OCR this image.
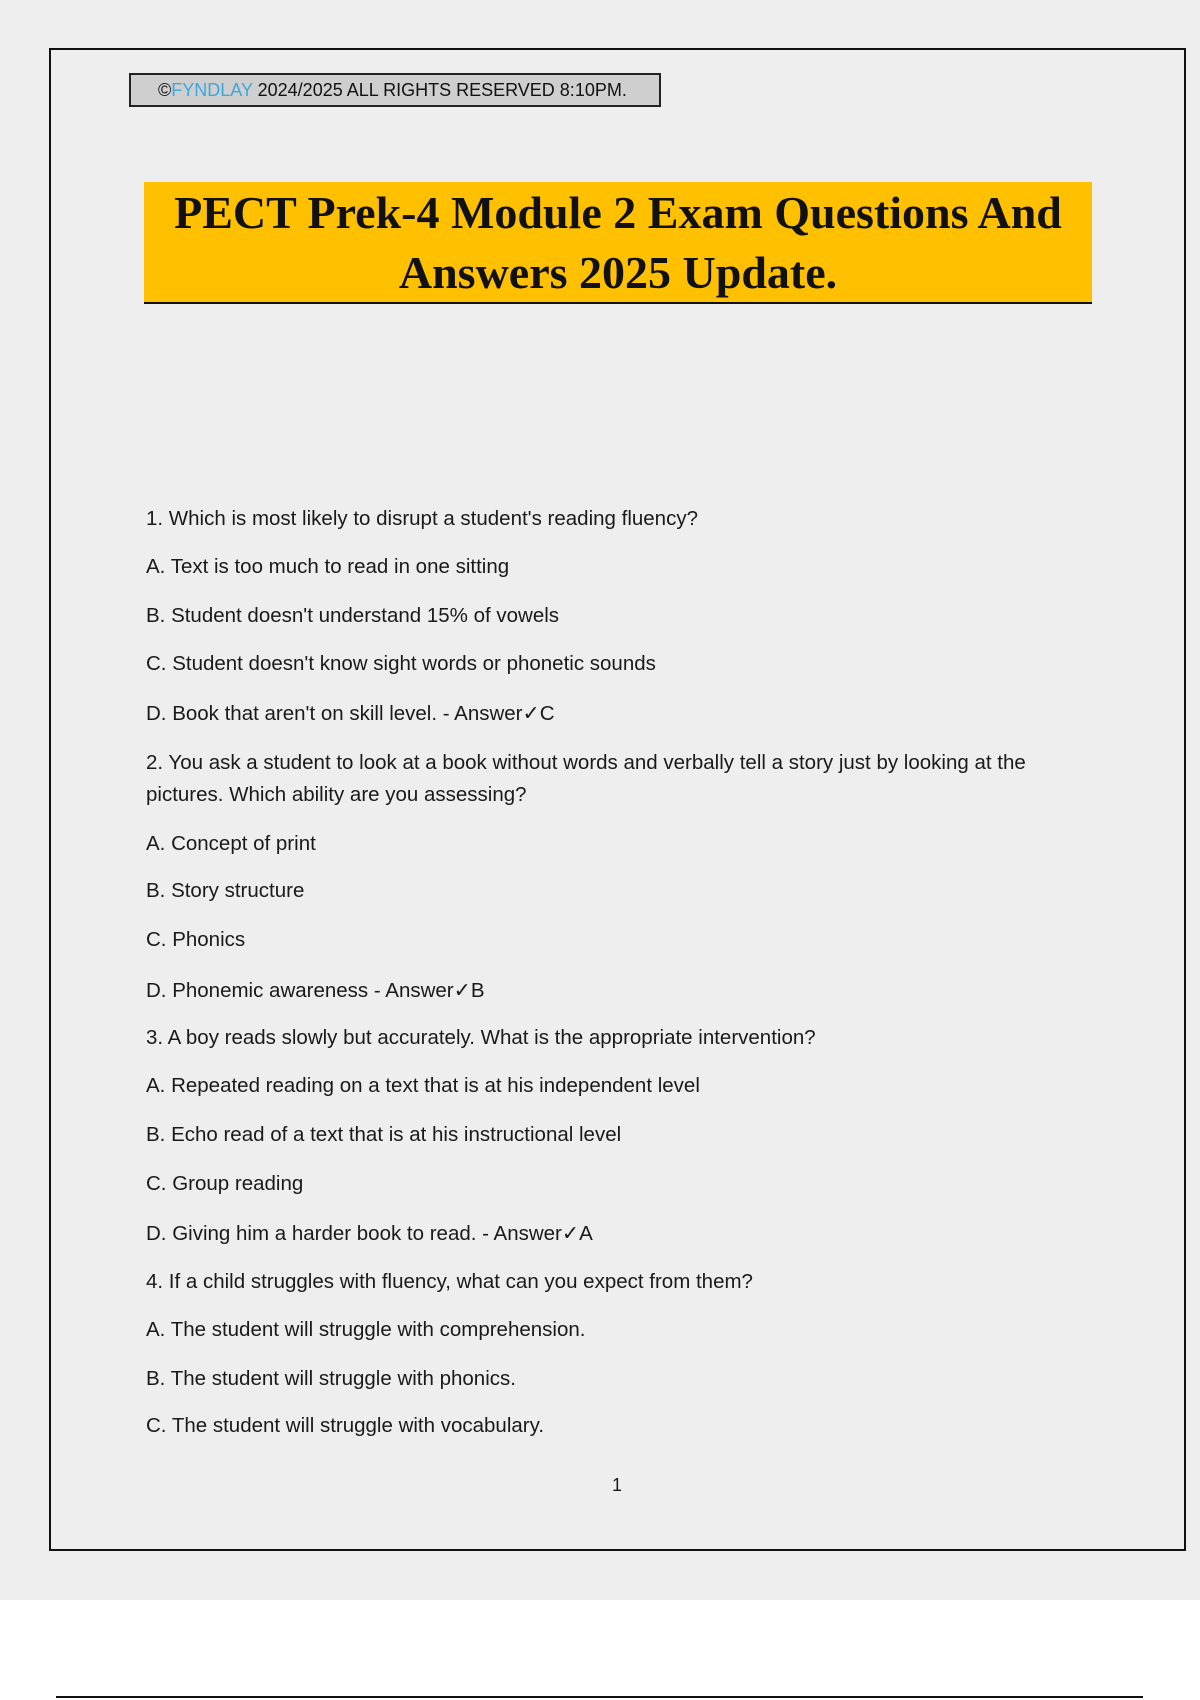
©FYNDLAY 2024/2025 ALL RIGHTS RESERVED 8:10PM.
PECT Prek-4 Module 2 Exam Questions And
Answers 2025 Update.
1. Which is most likely to disrupt a student's reading fluency?
A. Text is too much to read in one sitting
B. Student doesn't understand 15% of vowels
C. Student doesn't know sight words or phonetic sounds
D. Book that aren't on skill level. - Answer✓C
2. You ask a student to look at a book without words and verbally tell a story just by looking at the pictures. Which ability are you assessing?
A. Concept of print
B. Story structure
C. Phonics
D. Phonemic awareness - Answer✓B
3. A boy reads slowly but accurately. What is the appropriate intervention?
A. Repeated reading on a text that is at his independent level
B. Echo read of a text that is at his instructional level
C. Group reading
D. Giving him a harder book to read. - Answer✓A
4. If a child struggles with fluency, what can you expect from them?
A. The student will struggle with comprehension.
B. The student will struggle with phonics.
C. The student will struggle with vocabulary.
1
